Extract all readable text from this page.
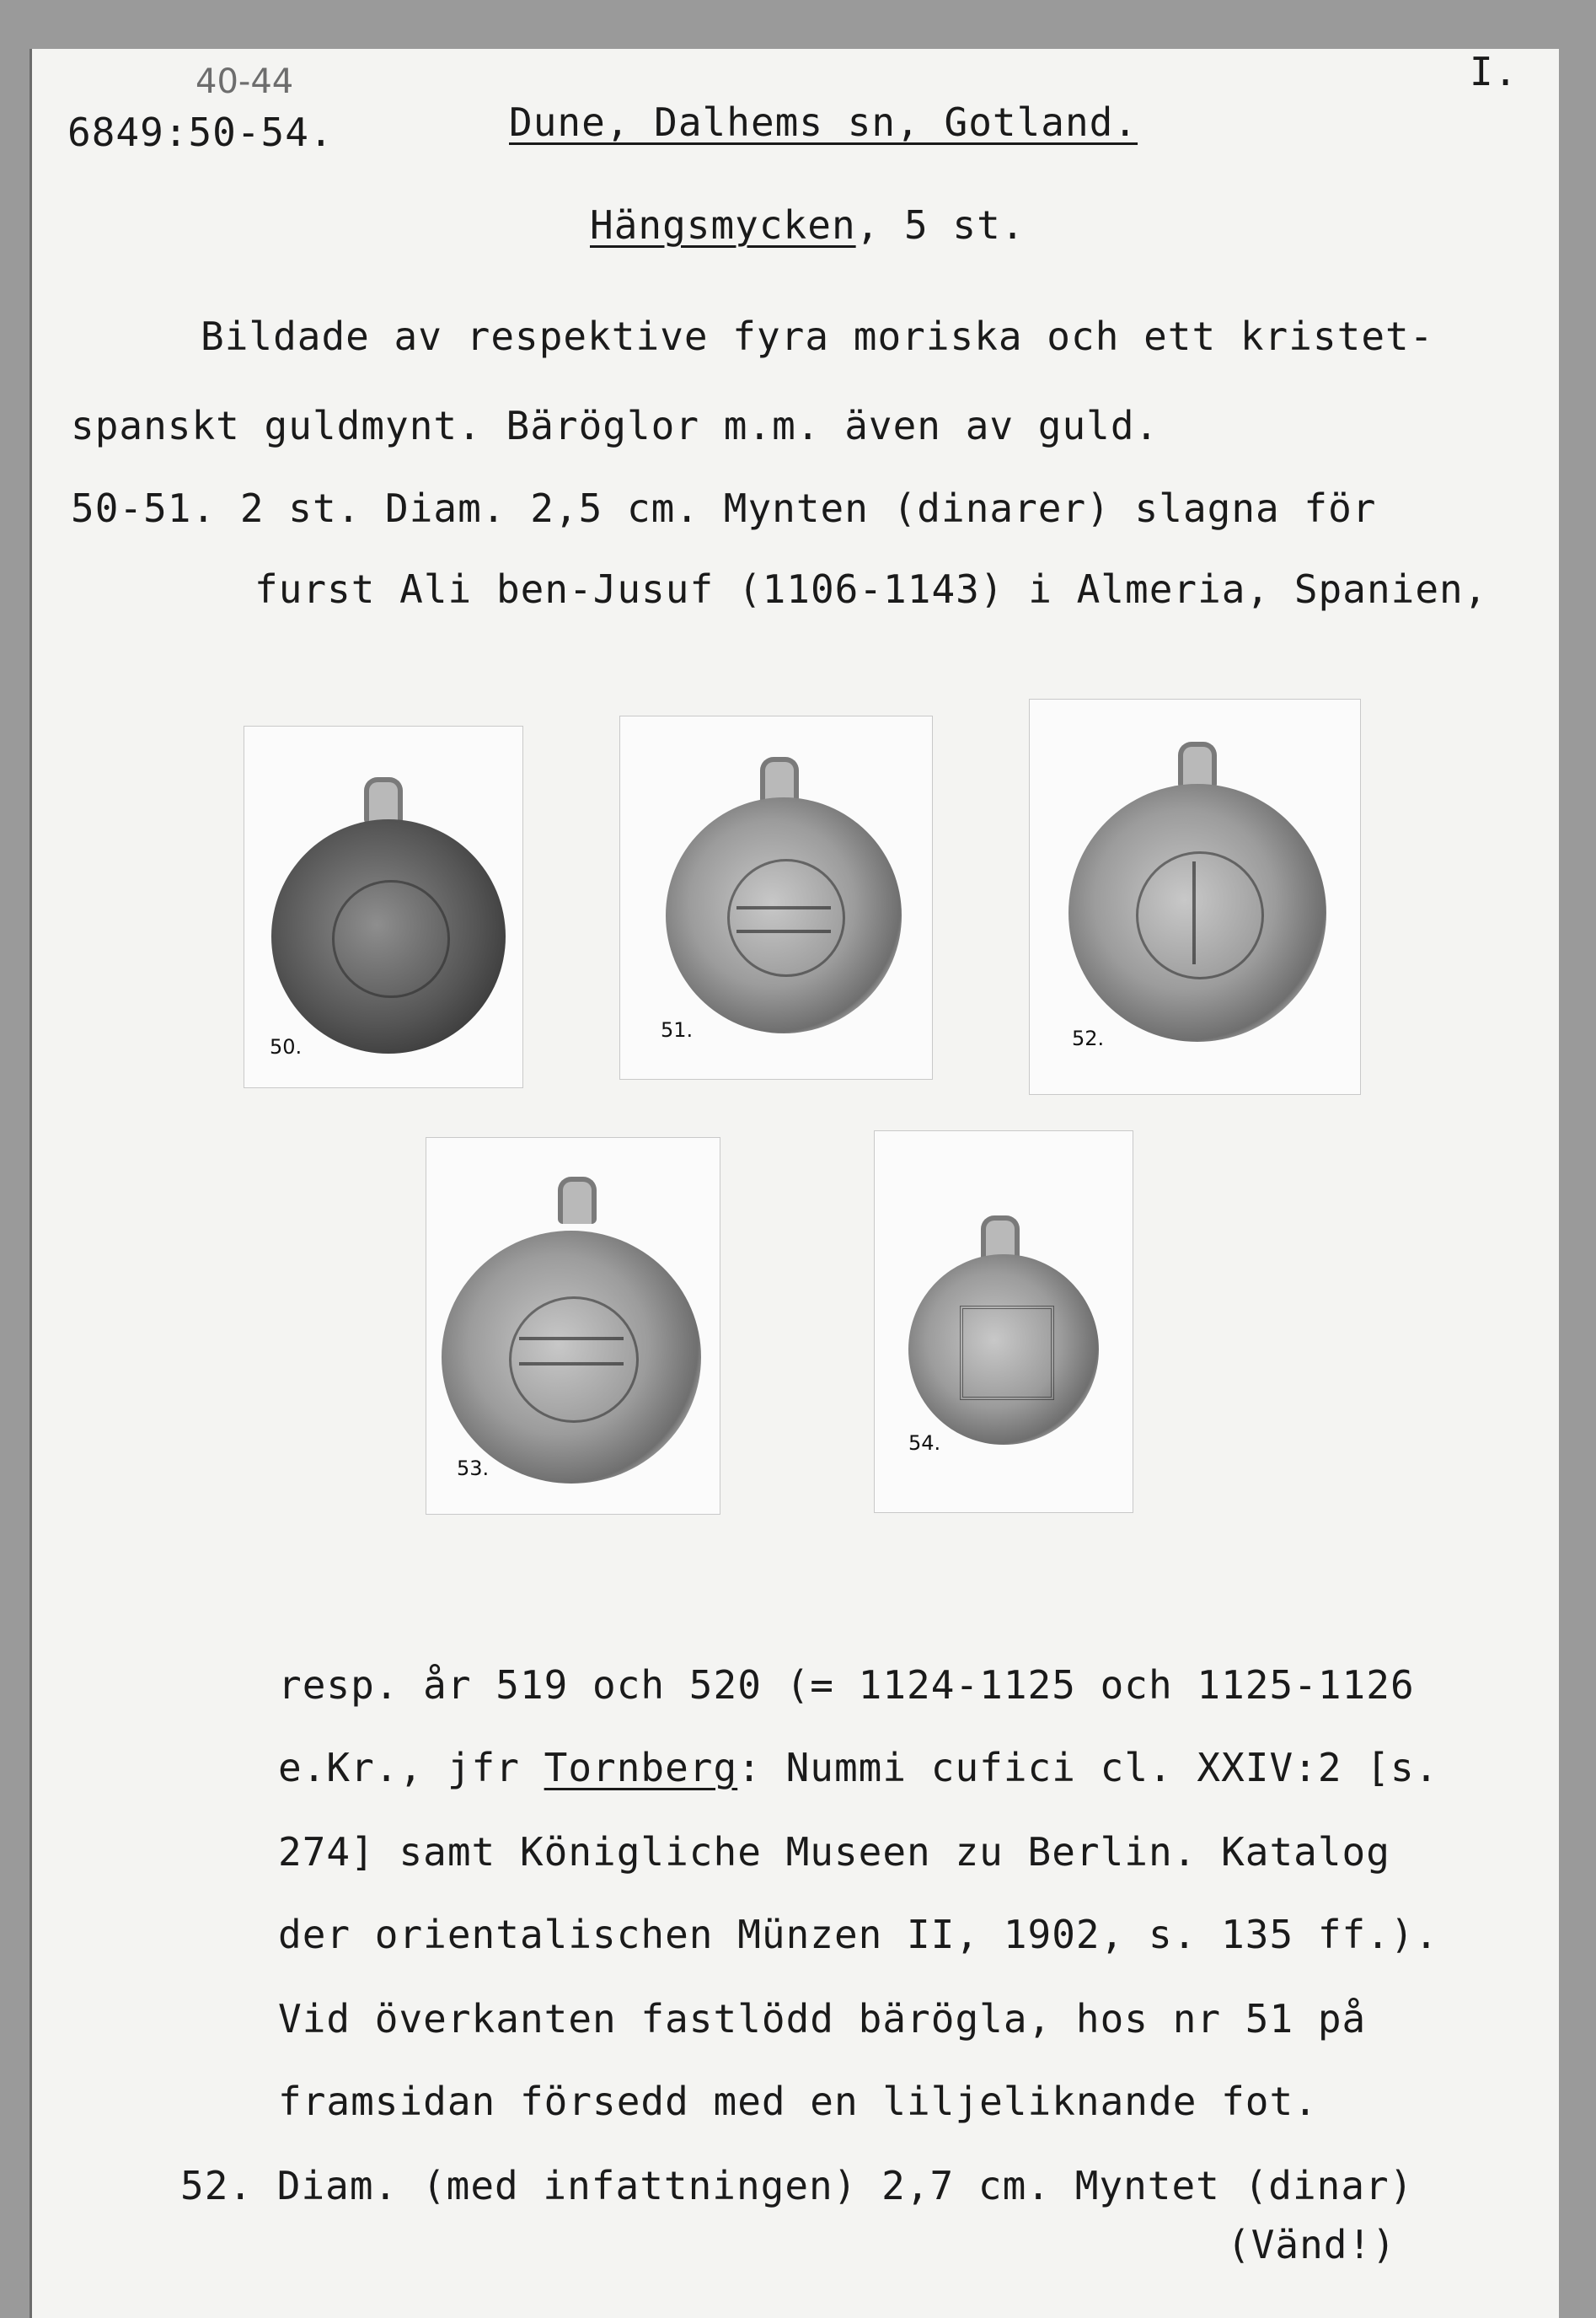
40-44	I.
6849:50-54.	Dune, Dalhems sn, Gotland.
Hängsmycken, 5 st.
Bildade av respektive fyra moriska och ett kristet-
spanskt guldmynt. Bäröglor m.m. även av guld.
50-51. 2 st. Diam. 2,5 cm. Mynten (dinarer) slagna för
furst Ali ben-Jusuf (1106-1143) i Almeria, Spanien,
50.
51.	52.
53.
54.
resp. år 519 och 520 (= 1124-1125 och 1125-1126
e.Kr., jfr Tornberg: Nummi cufici cl. XXIV:2 [s.
274] samt Königliche Museen zu Berlin. Katalog
der orientalischen Münzen II, 1902, s. 135 ff.).
Vid överkanten fastlödd bärögla, hos nr 51 på
framsidan försedd med en liljeliknande fot.
52. Diam. (med infattningen) 2,7 cm. Myntet (dinar)
(Vänd!)
